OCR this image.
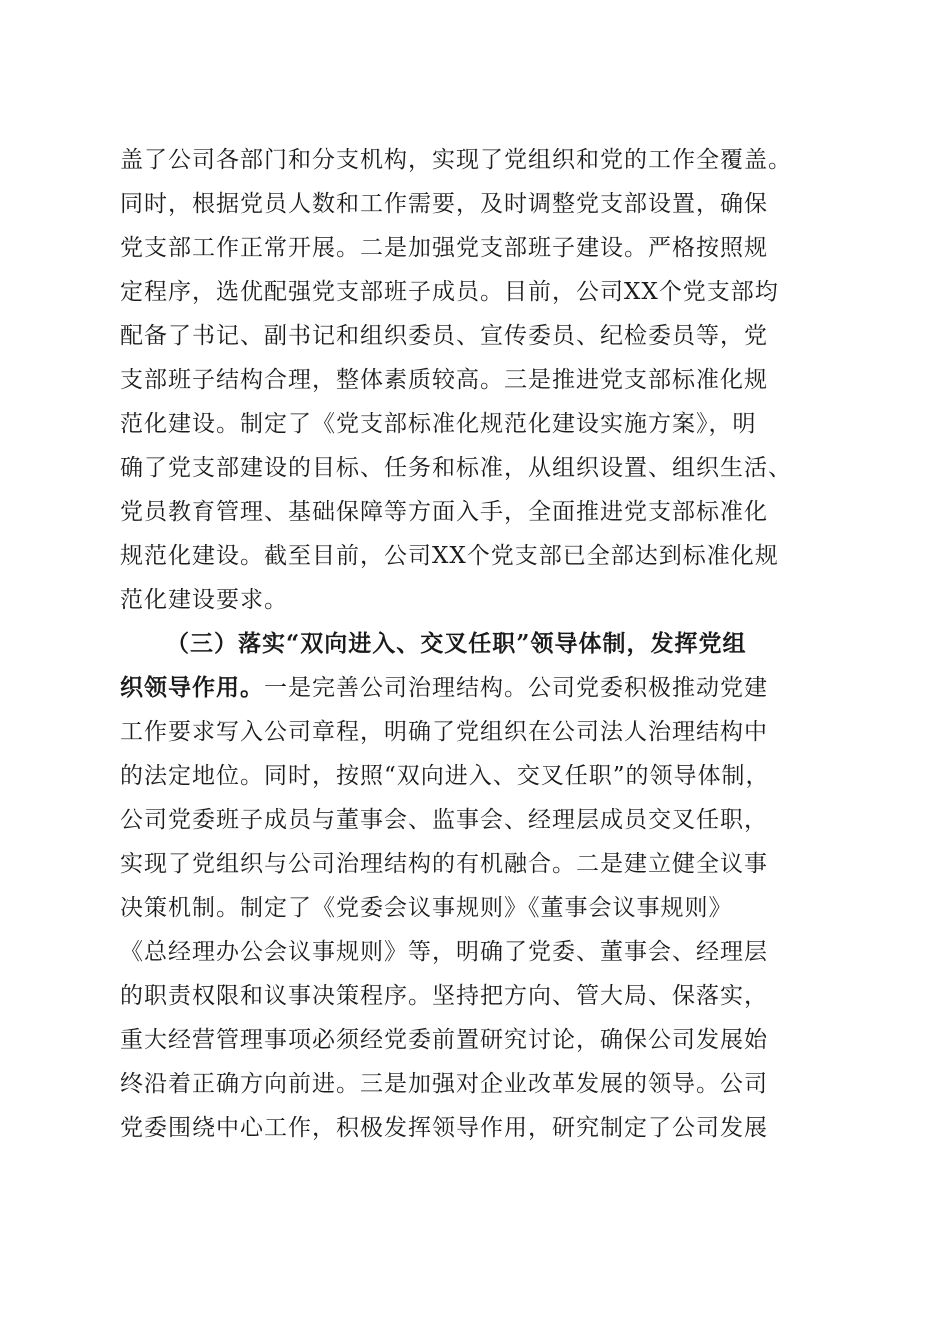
盖了公司各部门和分支机构，实现了党组织和党的工作全覆盖。
同时，根据党员人数和工作需要，及时调整党支部设置，确保
党支部工作正常开展。二是加强党支部班子建设。严格按照规
定程序，选优配强党支部班子成员。目前，公司XX个党支部均
配备了书记、副书记和组织委员、宣传委员、纪检委员等，党
支部班子结构合理，整体素质较高。三是推进党支部标准化规
范化建设。制定了《党支部标准化规范化建设实施方案》，明
确了党支部建设的目标、任务和标准，从组织设置、组织生活、
党员教育管理、基础保障等方面入手，全面推进党支部标准化
规范化建设。截至目前，公司XX个党支部已全部达到标准化规
范化建设要求。
（三）落实“双向进入、交叉任职”领导体制，发挥党组
织领导作用。一是完善公司治理结构。公司党委积极推动党建
工作要求写入公司章程，明确了党组织在公司法人治理结构中
的法定地位。同时，按照“双向进入、交叉任职”的领导体制，
公司党委班子成员与董事会、监事会、经理层成员交叉任职，
实现了党组织与公司治理结构的有机融合。二是建立健全议事
决策机制。制定了《党委会议事规则》《董事会议事规则》
《总经理办公会议事规则》等，明确了党委、董事会、经理层
的职责权限和议事决策程序。坚持把方向、管大局、保落实，
重大经营管理事项必须经党委前置研究讨论，确保公司发展始
终沿着正确方向前进。三是加强对企业改革发展的领导。公司
党委围绕中心工作，积极发挥领导作用，研究制定了公司发展
